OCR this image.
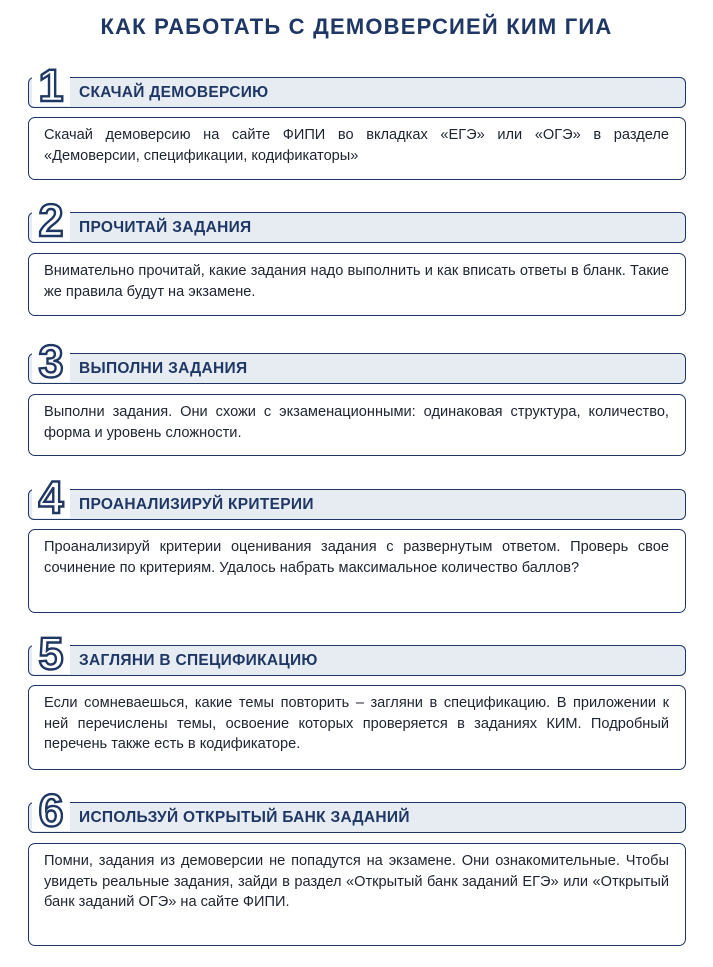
КАК РАБОТАТЬ С ДЕМОВЕРСИЕЙ КИМ ГИА
СКАЧАЙ ДЕМОВЕРСИЮ
1

Скачай демоверсию на сайте ФИПИ во вкладках «ЕГЭ» или «ОГЭ» в разделе «Демоверсии, спецификации, кодификаторы»

ПРОЧИТАЙ ЗАДАНИЯ
2

Внимательно прочитай, какие задания надо выполнить и как вписать ответы в бланк. Такие же правила будут на экзамене.

ВЫПОЛНИ ЗАДАНИЯ
3

Выполни задания. Они схожи с экзаменационными: одинаковая структура, количество, форма и уровень сложности.

ПРОАНАЛИЗИРУЙ КРИТЕРИИ
4

Проанализируй критерии оценивания задания с развернутым ответом. Проверь свое сочинение по критериям. Удалось набрать максимальное количество баллов?

ЗАГЛЯНИ В СПЕЦИФИКАЦИЮ
5

Если сомневаешься, какие темы повторить – загляни в спецификацию. В приложении к ней перечислены темы, освоение которых проверяется в заданиях КИМ. Подробный перечень также есть в кодификаторе.

ИСПОЛЬЗУЙ ОТКРЫТЫЙ БАНК ЗАДАНИЙ
6

Помни, задания из демоверсии не попадутся на экзамене. Они ознакомительные. Чтобы увидеть реальные задания, зайди в раздел «Открытый банк заданий ЕГЭ» или «Открытый банк заданий ОГЭ» на сайте ФИПИ.
